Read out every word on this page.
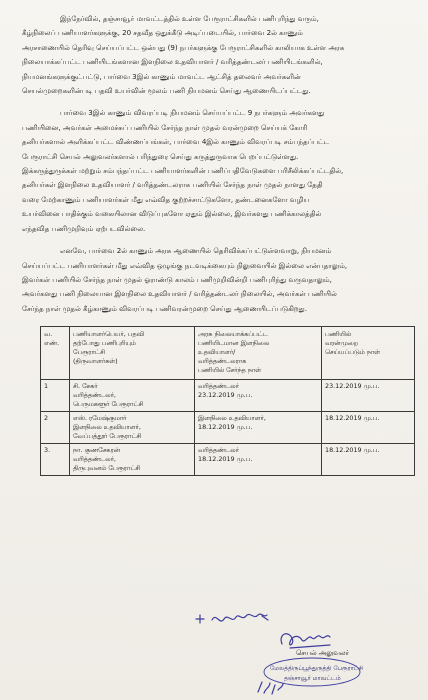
இந்நேர்வில், தஞ்சாவூர் மாவட்டத்தில் உள்ள பேரூராட்சிகளில் பணிபுரிந்து வரும்,
கீழ்நிலைப் பணியாளர்களுக்கு, 20 சதவீத ஒதுக்கீடு அடிப்படையில், பார்வை 2ல் காணும்
அரசாணையில் தெரிவு செய்யப்பட்ட ஒன்பது (9) நபர்களுக்கு பேரூராட்சிகளில் காலியாக உள்ள அரசு
நிலையாக்கப்பட்ட பணியிடங்களான இளநிலை உதவியாளர் / வரித்தண்டலர் பணியிடங்களில்,
நியமனங்களுக்குட்பட்டு, பார்வை 3இல் காணும் மாவட்ட ஆட்சித் தலைவர் அவர்களின்
செயல்முறைகளின்படி பதவி உயர்வின் மூலம் பணி நியமனம் செய்து ஆணையிடப்பட்டது.

பார்வை 3இல் காணும் விவரப்படி நியமனம் செய்யப்பட்ட 9 நபர்களும் அவர்களது
பணியினை, அவர்கள் அமைச்சுப் பணியில் சேர்ந்த நாள் முதல் வரன்முறை செய்யக் கோரி
தனியர்களால் அளிக்கப்பட்ட விண்ணப்பங்கள், பார்வை 4இல் காணும் விவரப்படி சம்பந்தப்பட்ட
பேரூராட்சி செயல் அலுவலர்களால் பரிந்துரை செய்து கருத்துருவாக பெறப்பட்டுள்ளது.
இக்கருத்துருக்கள் மற்றும் சம்பந்தப்பட்ட பணியாளர்களின் பணிப்பதிவேடுகளை பரிசீலிக்கப்பட்டதில்,
தனியர்கள் இளநிலை உதவியாளர் / வரித்தண்டலராக பணியில் சேர்ந்த நாள் முதல் நாளது தேதி
வரை மேற்காணும் பணியாளர்கள் மீது எவ்வித குற்றச்சாட்டுகளோ, தண்டனைகளோ வழிய
உயர்வினை பாதிக்கும் வகையிலான விடுப்புகளோ ஏதும் இல்லை, இவர்களது பணிக்காலத்தில்
எந்தவித பணிமுறிவும் ஏற்படவில்லை.

எனவே, பார்வை 2ல் காணும் அரசு ஆணையில் தெரிவிக்கப்பட்டுள்ளவாறு, நியமனம்
செய்யப்பட்ட பணியாளர்கள் மீது எவ்வித ஒழுங்கு நடவடிக்கையும் நிலுவையில் இல்லை என்பதாலும்,
இவர்கள் பணியில் சேர்ந்த நாள் முதல் ஓராண்டு காலம் பணிமுறிவின்றி பணிபுரிந்து வருவதாலும்,
அவர்களது பணி நிலையான இளநிலை உதவியாளர் / வரித்தண்டலர் நிலையில், அவர்கள் பணியில்
சேர்ந்த நாள் முதல் கீழ்காணும் விவரப்படி பணிவரன்முறை செய்து ஆணையிடப்படுகிறது.

வ.
எண்.	பணியாளர்பெயர், பதவி
தற்போது பணிபுரியும்
பேரூராட்சி
(திருவாளர்கள்)	அரசு நிலையாக்கப்பட்ட
பணியிடமான இளநிலை
உதவியாளர்/
வரித்தண்டலராக
பணியில் சேர்ந்த நாள்	பணியில்
வரன்முறை
செய்யப்படும் நாள்

1	சி. சேகர்
வரித்தண்டலர்,
பெருமகளூர் பேரூராட்சி	வரித்தண்டலர்
23.12.2019 மு.ப.	23.12.2019 மு.ப.
2	எஸ். ரமேஷ்குமார்
இளநிலை உதவியாளர்,
வேப்பத்தூர் பேரூராட்சி	இளநிலை உதவியாளர்,
18.12.2019 மு.ப.	18.12.2019 மு.ப.
3.	நா. குணசேகரன்
வரித்தண்டலர்,
திருபுவனம் பேரூராட்சி	வரித்தண்டலர்
18.12.2019 மு.ப.	18.12.2019 மு.ப.
செயல் அலுவலர்
மேலத்திருப்பூந்துருத்தி பேரூராட்சி
தஞ்சாவூர் மாவட்டம்
